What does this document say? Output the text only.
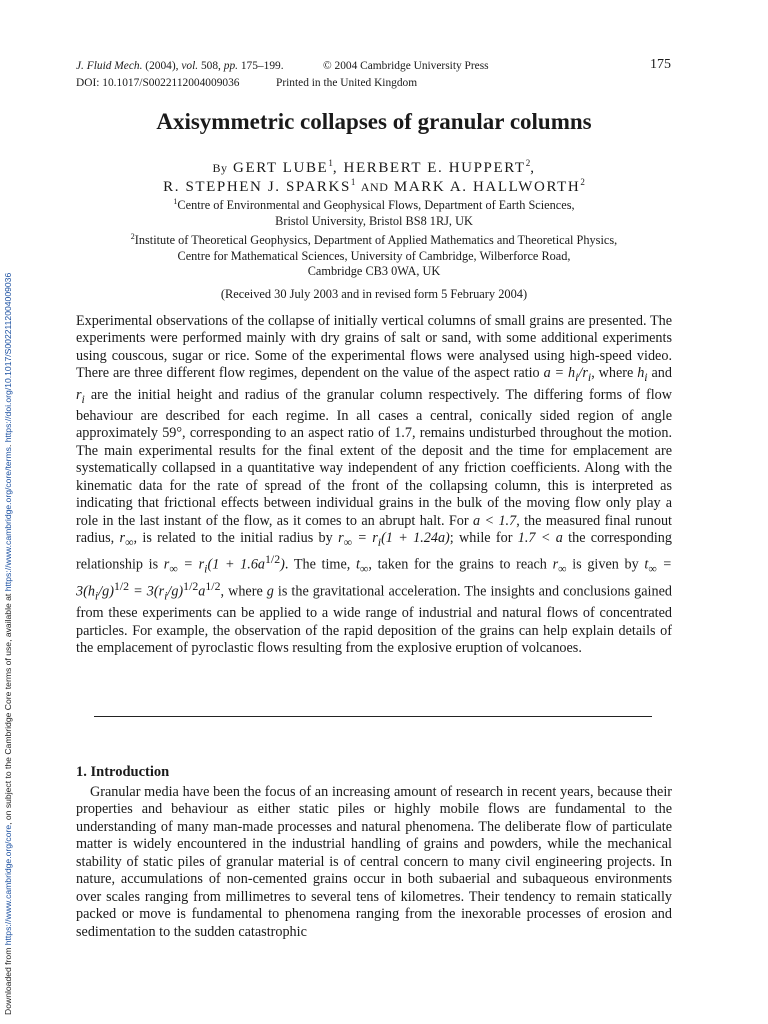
Downloaded from https://www.cambridge.org/core, on subject to the Cambridge Core terms of use, available at https://www.cambridge.org/core/terms. https://doi.org/10.1017/S0022112004009036
J. Fluid Mech. (2004), vol. 508, pp. 175–199.	© 2004 Cambridge University Press
DOI: 10.1017/S0022112004009036	Printed in the United Kingdom
175
Axisymmetric collapses of granular columns
By GERT LUBE$^1$, HERBERT E. HUPPERT$^2$,
R. STEPHEN J. SPARKS$^1$ AND MARK A. HALLWORTH$^2$
$^1$Centre of Environmental and Geophysical Flows, Department of Earth Sciences,
Bristol University, Bristol BS8 1RJ, UK
$^2$Institute of Theoretical Geophysics, Department of Applied Mathematics and Theoretical Physics,
Centre for Mathematical Sciences, University of Cambridge, Wilberforce Road,
Cambridge CB3 0WA, UK
(Received 30 July 2003 and in revised form 5 February 2004)

Experimental observations of the collapse of initially vertical columns of small grains are presented. The experiments were performed mainly with dry grains of salt or sand, with some additional experiments using couscous, sugar or rice. Some of the experimental flows were analysed using high-speed video. There are three different flow regimes, dependent on the value of the aspect ratio $a = h_i/r_i$, where $h_i$ and $r_i$ are the initial height and radius of the granular column respectively. The differing forms of flow behaviour are described for each regime. In all cases a central, conically sided region of angle approximately 59°, corresponding to an aspect ratio of 1.7, remains undisturbed throughout the motion. The main experimental results for the final extent of the deposit and the time for emplacement are systematically collapsed in a quantitative way independent of any friction coefficients. Along with the kinematic data for the rate of spread of the front of the collapsing column, this is interpreted as indicating that frictional effects between individual grains in the bulk of the moving flow only play a role in the last instant of the flow, as it comes to an abrupt halt. For a < 1.7, the measured final runout radius, $r_\infty$, is related to the initial radius by $r_\infty = r_i(1 + 1.24a)$; while for 1.7 < a the corresponding relationship is $r_\infty = r_i(1 + 1.6a^{1/2})$. The time, $t_\infty$, taken for the grains to reach $r_\infty$ is given by $t_\infty = 3(h_i/g)^{1/2} = 3(r_i/g)^{1/2}a^{1/2}$, where g is the gravitational acceleration. The insights and conclusions gained from these experiments can be applied to a wide range of industrial and natural flows of concentrated particles. For example, the observation of the rapid deposition of the grains can help explain details of the emplacement of pyroclastic flows resulting from the explosive eruption of volcanoes.

1. Introduction

Granular media have been the focus of an increasing amount of research in recent years, because their properties and behaviour as either static piles or highly mobile flows are fundamental to the understanding of many man-made processes and natural phenomena. The deliberate flow of particulate matter is widely encountered in the industrial handling of grains and powders, while the mechanical stability of static piles of granular material is of central concern to many civil engineering projects. In nature, accumulations of non-cemented grains occur in both subaerial and subaqueous environments over scales ranging from millimetres to several tens of kilometres. Their tendency to remain statically packed or move is fundamental to phenomena ranging from the inexorable processes of erosion and sedimentation to the sudden catastrophic
